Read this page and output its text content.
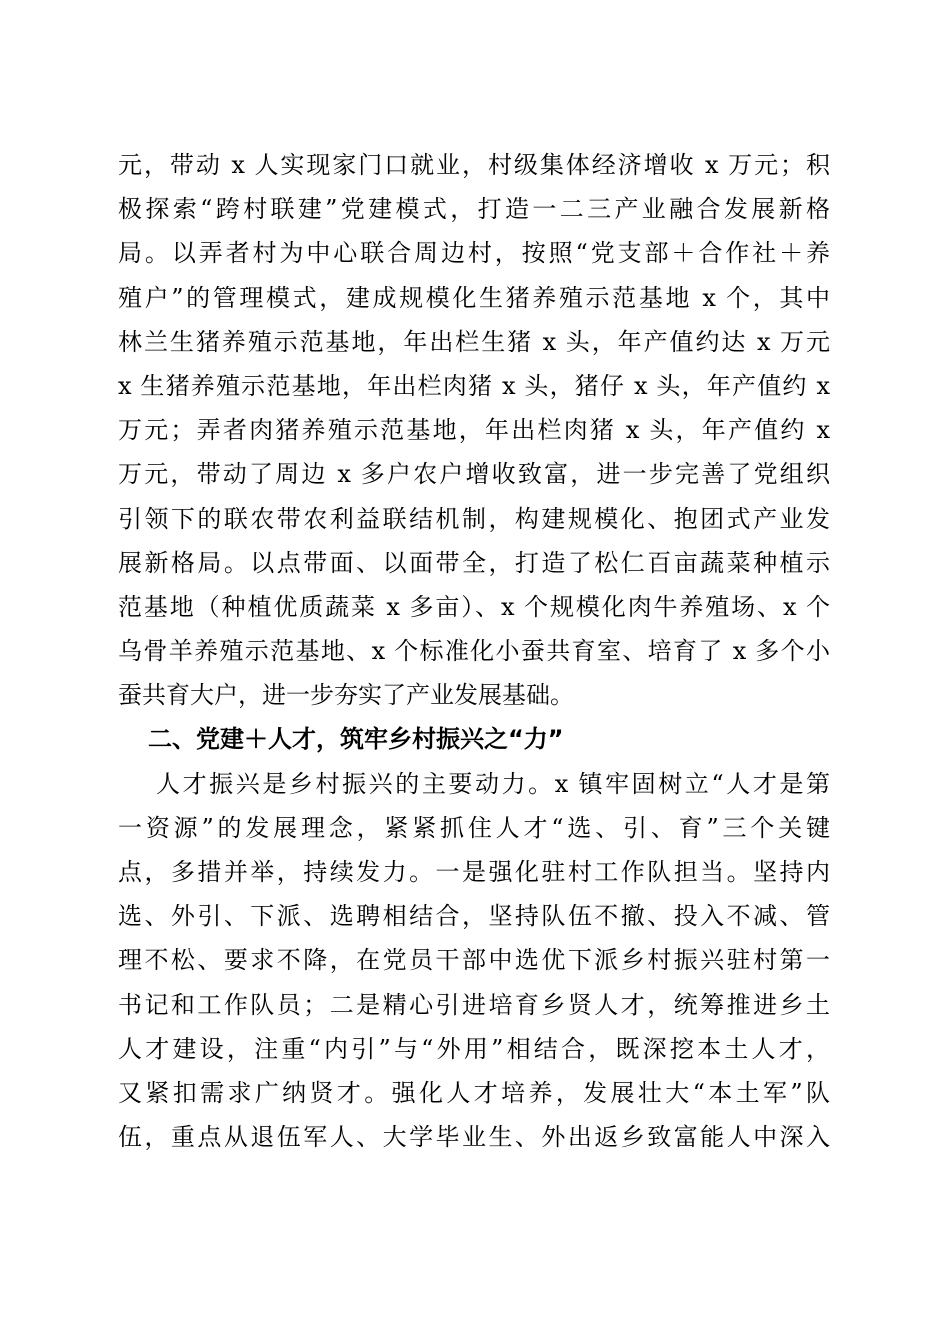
元，带动 x 人实现家门口就业，村级集体经济增收 x 万元；积
极探索“跨村联建”党建模式，打造一二三产业融合发展新格
局。以弄者村为中心联合周边村，按照“党支部＋合作社＋养
殖户”的管理模式，建成规模化生猪养殖示范基地 x 个，其中
林兰生猪养殖示范基地，年出栏生猪 x 头，年产值约达 x 万元
x 生猪养殖示范基地，年出栏肉猪 x 头，猪仔 x 头，年产值约 x
万元；弄者肉猪养殖示范基地，年出栏肉猪 x 头，年产值约 x
万元，带动了周边 x 多户农户增收致富，进一步完善了党组织
引领下的联农带农利益联结机制，构建规模化、抱团式产业发
展新格局。以点带面、以面带全，打造了松仁百亩蔬菜种植示
范基地（种植优质蔬菜 x 多亩）、x 个规模化肉牛养殖场、x 个
乌骨羊养殖示范基地、x 个标准化小蚕共育室、培育了 x 多个小
蚕共育大户，进一步夯实了产业发展基础。
二、党建＋人才，筑牢乡村振兴之“力”
人才振兴是乡村振兴的主要动力。x 镇牢固树立“人才是第
一资源”的发展理念，紧紧抓住人才“选、引、育”三个关键
点，多措并举，持续发力。一是强化驻村工作队担当。坚持内
选、外引、下派、选聘相结合，坚持队伍不撤、投入不减、管
理不松、要求不降，在党员干部中选优下派乡村振兴驻村第一
书记和工作队员；二是精心引进培育乡贤人才，统筹推进乡土
人才建设，注重“内引”与“外用”相结合，既深挖本土人才，
又紧扣需求广纳贤才。强化人才培养，发展壮大“本土军”队
伍，重点从退伍军人、大学毕业生、外出返乡致富能人中深入
